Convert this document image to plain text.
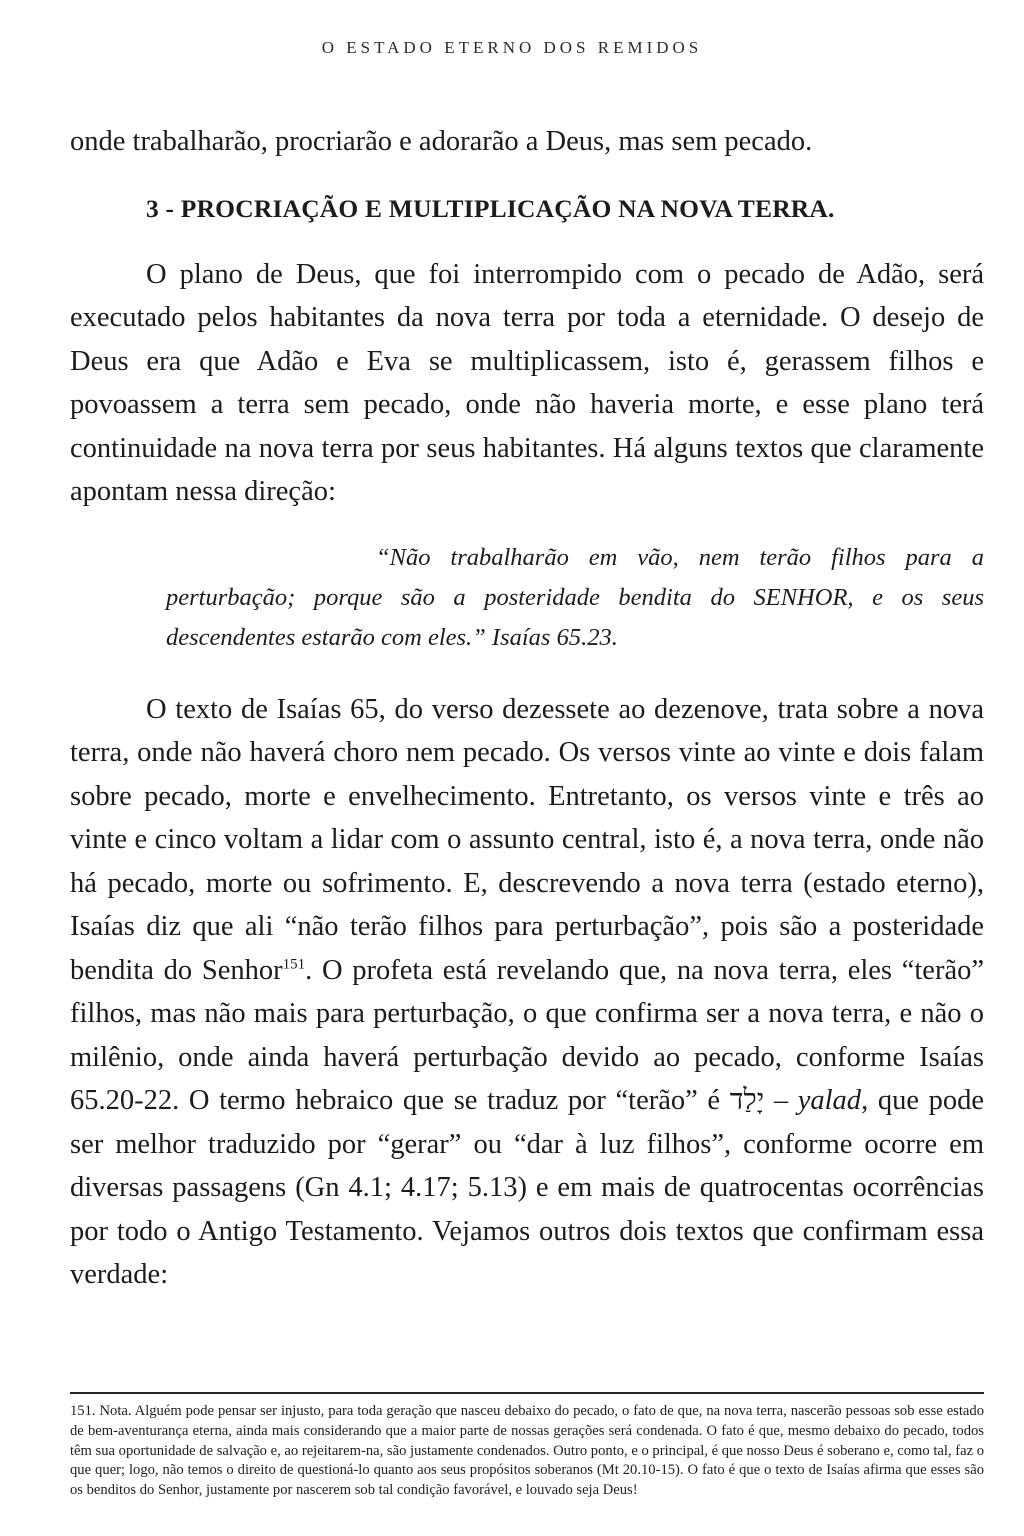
O ESTADO ETERNO DOS REMIDOS

onde trabalharão, procriarão e adorarão a Deus, mas sem pecado.

3 - PROCRIAÇÃO E MULTIPLICAÇÃO NA NOVA TERRA.

O plano de Deus, que foi interrompido com o pecado de Adão, será executado pelos habitantes da nova terra por toda a eternidade. O desejo de Deus era que Adão e Eva se multiplicassem, isto é, gerassem filhos e povoassem a terra sem pecado, onde não haveria morte, e esse plano terá continuidade na nova terra por seus habitantes. Há alguns textos que claramente apontam nessa direção:

“Não trabalharão em vão, nem terão filhos para a perturbação; porque são a posteridade bendita do SENHOR, e os seus descendentes estarão com eles.” Isaías 65.23.

O texto de Isaías 65, do verso dezessete ao dezenove, trata sobre a nova terra, onde não haverá choro nem pecado. Os versos vinte ao vinte e dois falam sobre pecado, morte e envelhecimento. Entretanto, os versos vinte e três ao vinte e cinco voltam a lidar com o assunto central, isto é, a nova terra, onde não há pecado, morte ou sofrimento. E, descrevendo a nova terra (estado eterno), Isaías diz que ali “não terão filhos para perturbação”, pois são a posteridade bendita do Senhor$^{151}$. O profeta está revelando que, na nova terra, eles “terão” filhos, mas não mais para perturbação, o que confirma ser a nova terra, e não o milênio, onde ainda haverá perturbação devido ao pecado, conforme Isaías 65.20-22. O termo hebraico que se traduz por “terão” é יָלַד – yalad, que pode ser melhor traduzido por “gerar” ou “dar à luz filhos”, conforme ocorre em diversas passagens (Gn 4.1; 4.17; 5.13) e em mais de quatrocentas ocorrências por todo o Antigo Testamento. Vejamos outros dois textos que confirmam essa verdade:

151. Nota. Alguém pode pensar ser injusto, para toda geração que nasceu debaixo do pecado, o fato de que, na nova terra, nascerão pessoas sob esse estado de bem-aventurança eterna, ainda mais considerando que a maior parte de nossas gerações será condenada. O fato é que, mesmo debaixo do pecado, todos têm sua oportunidade de salvação e, ao rejeitarem-na, são justamente condenados. Outro ponto, e o principal, é que nosso Deus é soberano e, como tal, faz o que quer; logo, não temos o direito de questioná-lo quanto aos seus propósitos soberanos (Mt 20.10-15). O fato é que o texto de Isaías afirma que esses são os benditos do Senhor, justamente por nascerem sob tal condição favorável, e louvado seja Deus!
